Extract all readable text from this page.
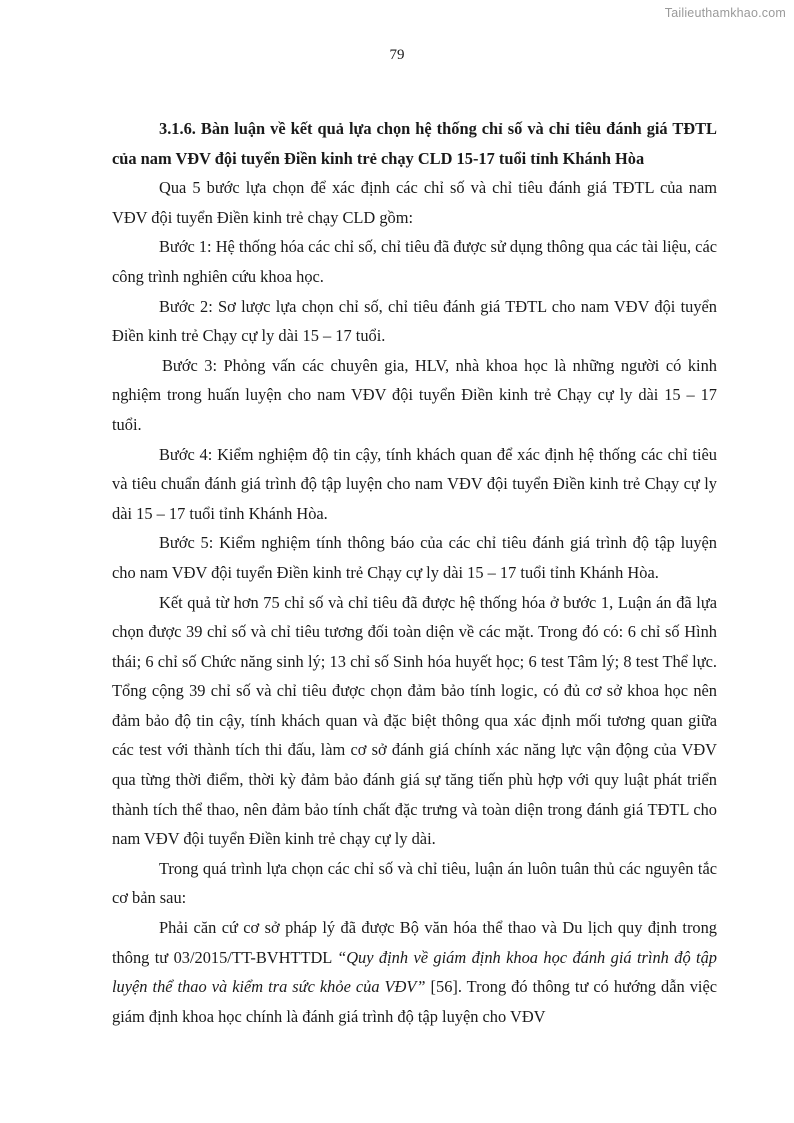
Tailieuthamkhao.com
79

3.1.6. Bàn luận về kết quả lựa chọn hệ thống chỉ số và chỉ tiêu đánh giá TĐTL của nam VĐV đội tuyển Điền kinh trẻ chạy CLD 15-17 tuổi tỉnh Khánh Hòa

Qua 5 bước lựa chọn để xác định các chỉ số và chỉ tiêu đánh giá TĐTL của nam VĐV đội tuyển Điền kinh trẻ chạy CLD gồm:

Bước 1: Hệ thống hóa các chỉ số, chỉ tiêu đã được sử dụng thông qua các tài liệu, các công trình nghiên cứu khoa học.

Bước 2: Sơ lược lựa chọn chỉ số, chỉ tiêu đánh giá TĐTL cho nam VĐV đội tuyển Điền kinh trẻ Chạy cự ly dài 15 – 17 tuổi.

Bước 3: Phỏng vấn các chuyên gia, HLV, nhà khoa học là những người có kinh nghiệm trong huấn luyện cho nam VĐV đội tuyển Điền kinh trẻ Chạy cự ly dài 15 – 17 tuổi.

Bước 4: Kiểm nghiệm độ tin cậy, tính khách quan để xác định hệ thống các chỉ tiêu và tiêu chuẩn đánh giá trình độ tập luyện cho nam VĐV đội tuyển Điền kinh trẻ Chạy cự ly dài 15 – 17 tuổi tỉnh Khánh Hòa.

Bước 5: Kiểm nghiệm tính thông báo của các chỉ tiêu đánh giá trình độ tập luyện cho nam VĐV đội tuyển Điền kinh trẻ Chạy cự ly dài 15 – 17 tuổi tỉnh Khánh Hòa.

Kết quả từ hơn 75 chỉ số và chỉ tiêu đã được hệ thống hóa ở bước 1, Luận án đã lựa chọn được 39 chỉ số và chỉ tiêu tương đối toàn diện về các mặt. Trong đó có: 6 chỉ số Hình thái; 6 chỉ số Chức năng sinh lý; 13 chỉ số Sinh hóa huyết học; 6 test Tâm lý; 8 test Thể lực. Tổng cộng 39 chỉ số và chỉ tiêu được chọn đảm bảo tính logic, có đủ cơ sở khoa học nên đảm bảo độ tin cậy, tính khách quan và đặc biệt thông qua xác định mối tương quan giữa các test với thành tích thi đấu, làm cơ sở đánh giá chính xác năng lực vận động của VĐV qua từng thời điểm, thời kỳ đảm bảo đánh giá sự tăng tiến phù hợp với quy luật phát triển thành tích thể thao, nên đảm bảo tính chất đặc trưng và toàn diện trong đánh giá TĐTL cho nam VĐV đội tuyển Điền kinh trẻ chạy cự ly dài.

Trong quá trình lựa chọn các chỉ số và chỉ tiêu, luận án luôn tuân thủ các nguyên tắc cơ bản sau:

Phải căn cứ cơ sở pháp lý đã được Bộ văn hóa thể thao và Du lịch quy định trong thông tư 03/2015/TT-BVHTTDL “Quy định về giám định khoa học đánh giá trình độ tập luyện thể thao và kiểm tra sức khỏe của VĐV” [56]. Trong đó thông tư có hướng dẫn việc giám định khoa học chính là đánh giá trình độ tập luyện cho VĐV
